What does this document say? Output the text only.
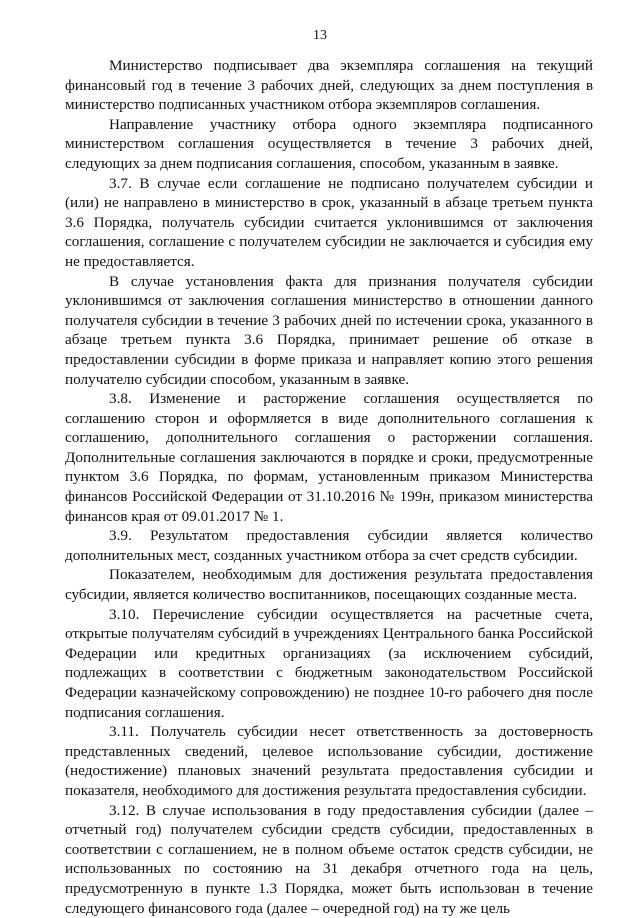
13

Министерство подписывает два экземпляра соглашения на текущий финансовый год в течение 3 рабочих дней, следующих за днем поступления в министерство подписанных участником отбора экземпляров соглашения.

Направление участнику отбора одного экземпляра подписанного министерством соглашения осуществляется в течение 3 рабочих дней, следующих за днем подписания соглашения, способом, указанным в заявке.

3.7. В случае если соглашение не подписано получателем субсидии и (или) не направлено в министерство в срок, указанный в абзаце третьем пункта 3.6 Порядка, получатель субсидии считается уклонившимся от заключения соглашения, соглашение с получателем субсидии не заключается и субсидия ему не предоставляется.

В случае установления факта для признания получателя субсидии уклонившимся от заключения соглашения министерство в отношении данного получателя субсидии в течение 3 рабочих дней по истечении срока, указанного в абзаце третьем пункта 3.6 Порядка, принимает решение об отказе в предоставлении субсидии в форме приказа и направляет копию этого решения получателю субсидии способом, указанным в заявке.

3.8. Изменение и расторжение соглашения осуществляется по соглашению сторон и оформляется в виде дополнительного соглашения к соглашению, дополнительного соглашения о расторжении соглашения. Дополнительные соглашения заключаются в порядке и сроки, предусмотренные пунктом 3.6 Порядка, по формам, установленным приказом Министерства финансов Российской Федерации от 31.10.2016 № 199н, приказом министерства финансов края от 09.01.2017 № 1.

3.9. Результатом предоставления субсидии является количество дополнительных мест, созданных участником отбора за счет средств субсидии.

Показателем, необходимым для достижения результата предоставления субсидии, является количество воспитанников, посещающих созданные места.

3.10. Перечисление субсидии осуществляется на расчетные счета, открытые получателям субсидий в учреждениях Центрального банка Российской Федерации или кредитных организациях (за исключением субсидий, подлежащих в соответствии с бюджетным законодательством Российской Федерации казначейскому сопровождению) не позднее 10-го рабочего дня после подписания соглашения.

3.11. Получатель субсидии несет ответственность за достоверность представленных сведений, целевое использование субсидии, достижение (недостижение) плановых значений результата предоставления субсидии и показателя, необходимого для достижения результата предоставления субсидии.

3.12. В случае использования в году предоставления субсидии (далее – отчетный год) получателем субсидии средств субсидии, предоставленных в соответствии с соглашением, не в полном объеме остаток средств субсидии, не использованных по состоянию на 31 декабря отчетного года на цель, предусмотренную в пункте 1.3 Порядка, может быть использован в течение следующего финансового года (далее – очередной год) на ту же цель
